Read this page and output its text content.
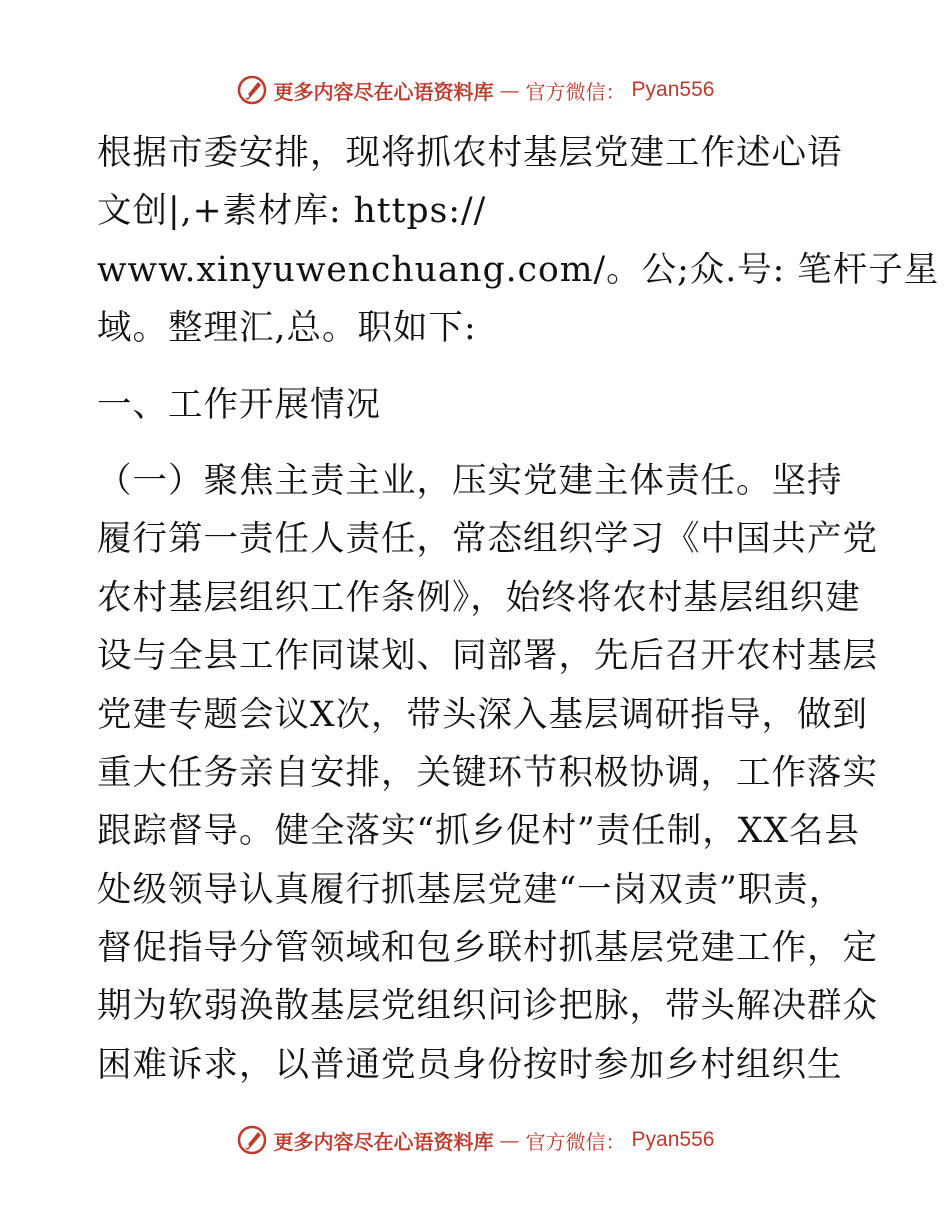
更多内容尽在心语资料库 — 官方微信： Pyan556
根据市委安排，现将抓农村基层党建工作述心语
文创|,+素材库: https://
www.xinyuwenchuang.com/。公;众.号: 笔杆子星
域。整理汇,总。职如下:
一、工作开展情况
（一）聚焦主责主业，压实党建主体责任。坚持
履行第一责任人责任，常态组织学习《中国共产党
农村基层组织工作条例》，始终将农村基层组织建
设与全县工作同谋划、同部署，先后召开农村基层
党建专题会议X次，带头深入基层调研指导，做到
重大任务亲自安排，关键环节积极协调，工作落实
跟踪督导。健全落实“抓乡促村”责任制，XX名县
处级领导认真履行抓基层党建“一岗双责”职责，
督促指导分管领域和包乡联村抓基层党建工作，定
期为软弱涣散基层党组织问诊把脉，带头解决群众
困难诉求，以普通党员身份按时参加乡村组织生
更多内容尽在心语资料库 — 官方微信： Pyan556
